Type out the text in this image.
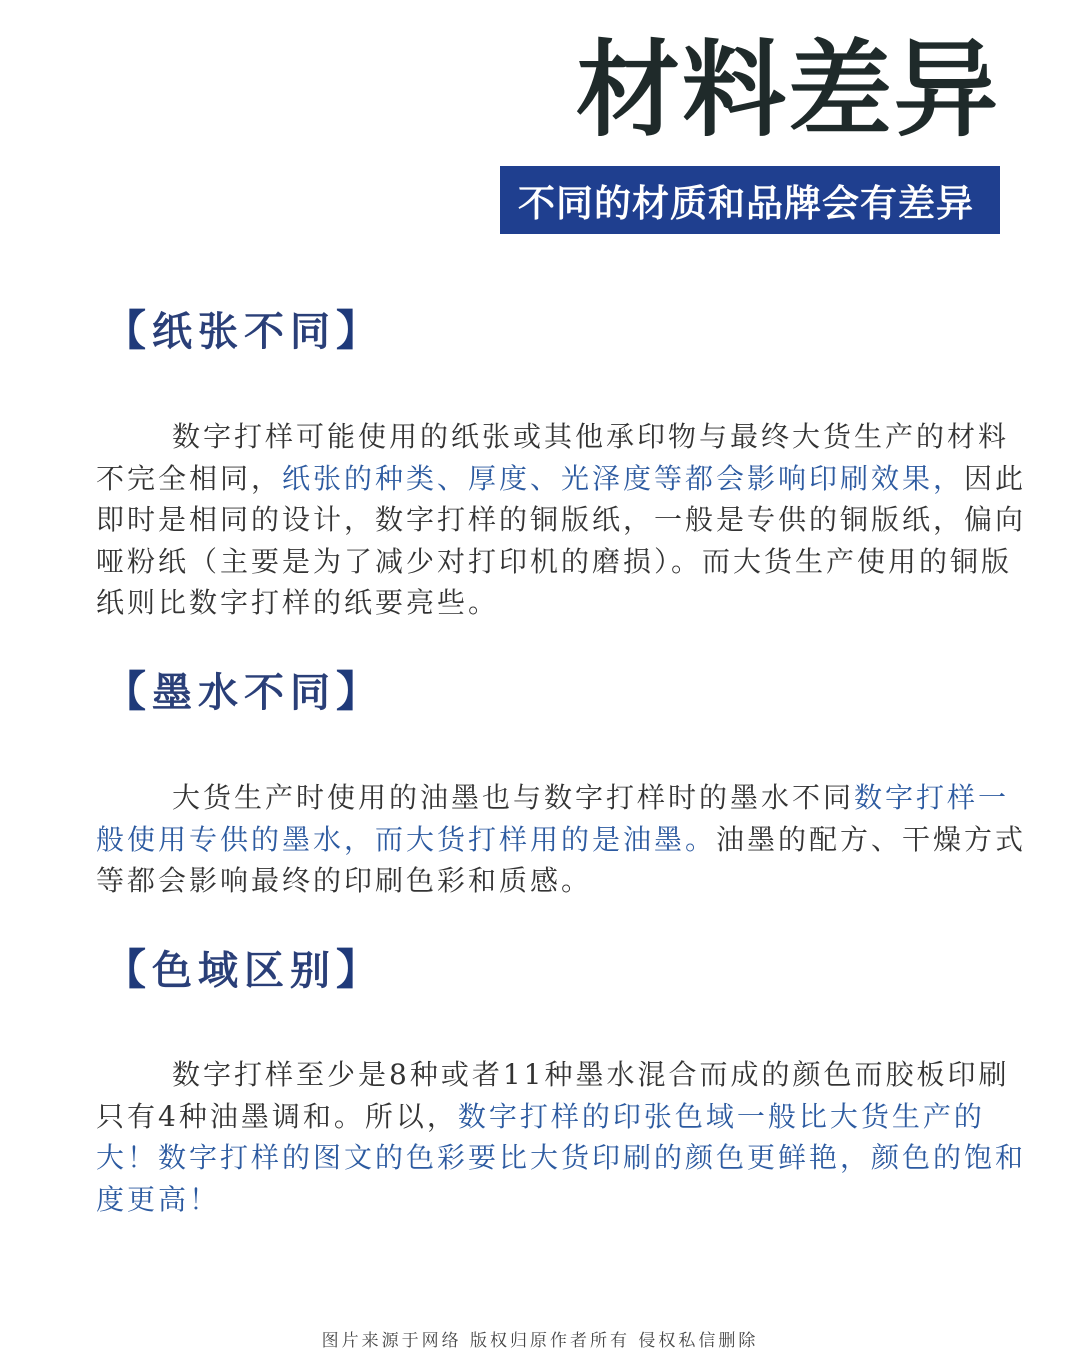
材料差异
不同的材质和品牌会有差异
【纸张不同】

数字打样可能使用的纸张或其他承印物与最终大货生产的材料不完全相同，纸张的种类、厚度、光泽度等都会影响印刷效果，因此即时是相同的设计，数字打样的铜版纸，一般是专供的铜版纸，偏向哑粉纸（主要是为了减少对打印机的磨损）。而大货生产使用的铜版纸则比数字打样的纸要亮些。

【墨水不同】

大货生产时使用的油墨也与数字打样时的墨水不同数字打样一般使用专供的墨水，而大货打样用的是油墨。油墨的配方、干燥方式等都会影响最终的印刷色彩和质感。

【色域区别】

数字打样至少是8种或者11种墨水混合而成的颜色而胶板印刷只有4种油墨调和。所以，数字打样的印张色域一般比大货生产的大！数字打样的图文的色彩要比大货印刷的颜色更鲜艳，颜色的饱和度更高！

图片来源于网络 版权归原作者所有 侵权私信删除
